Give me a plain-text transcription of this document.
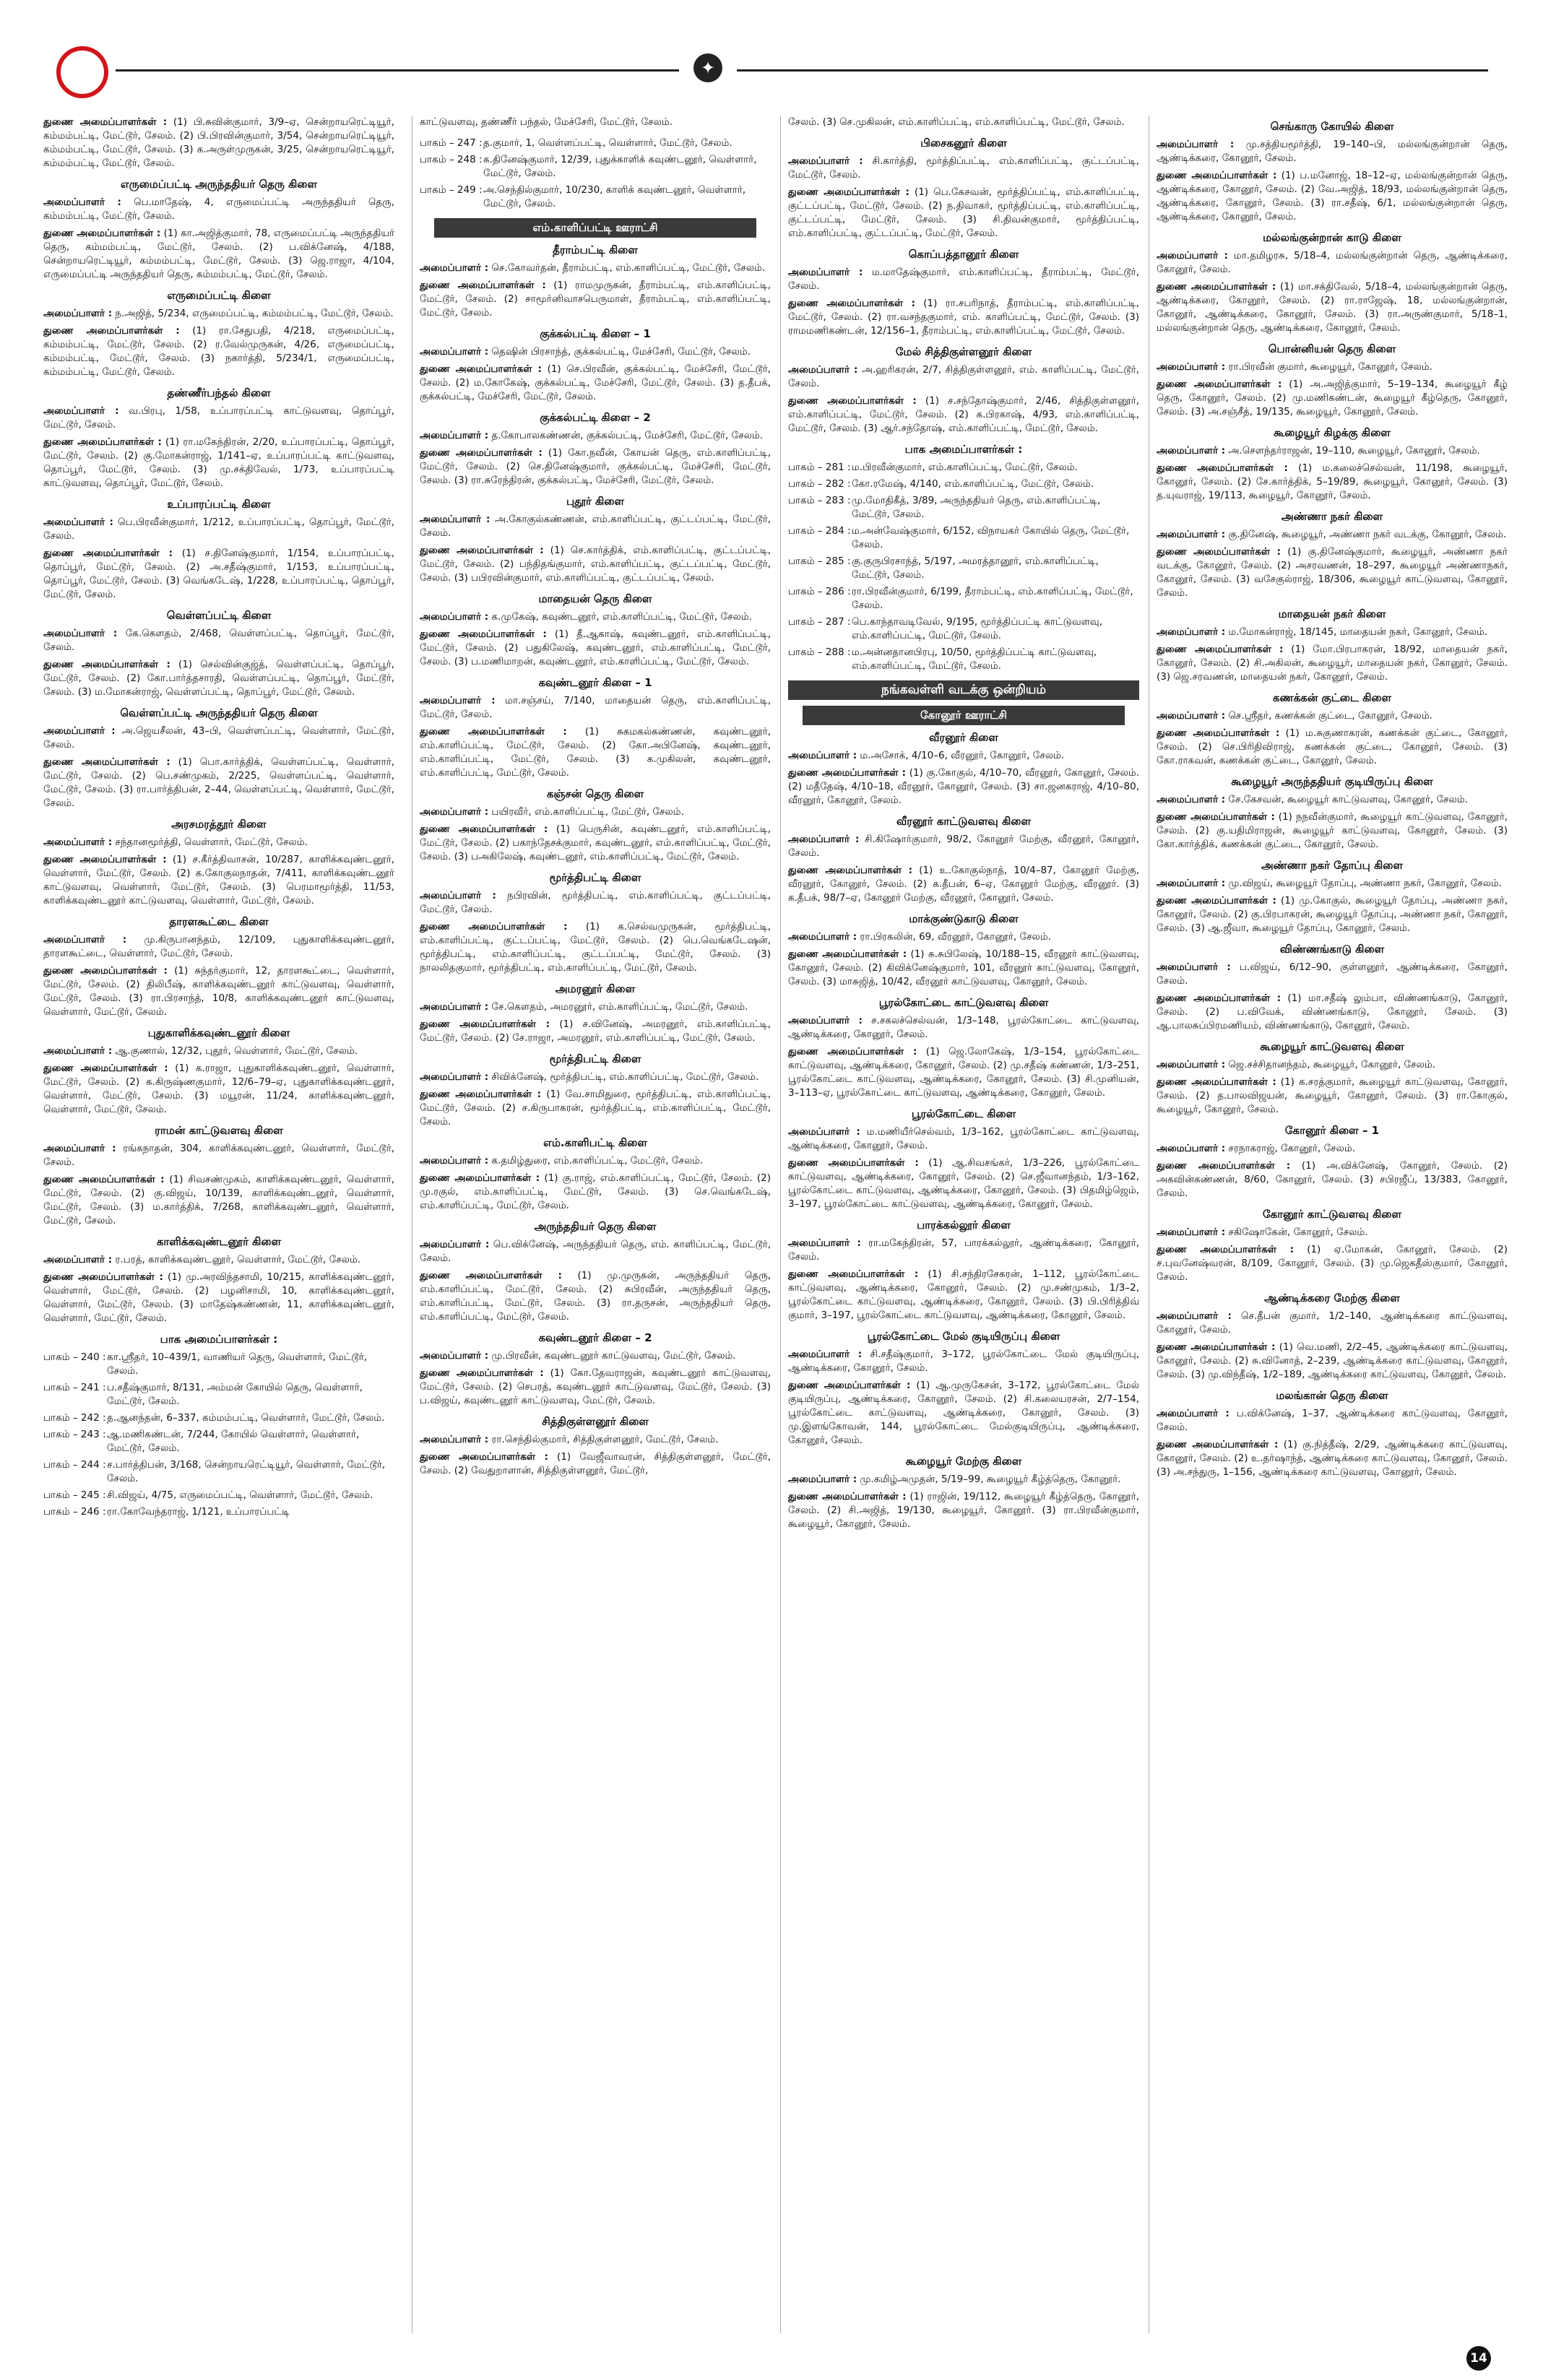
✦
துணை அமைப்பாளர்கள் : (1) பி.சுவின்குமார், 3/9–ஏ, சென்றாயரெட்டியூர், கம்மம்பட்டி, மேட்டூர், சேலம். (2) பி.பிரவின்குமார், 3/54, சென்றாயரெட்டியூர், கம்மம்பட்டி, மேட்டூர், சேலம். (3) க.அருள்முருகன், 3/25, சென்றாயரெட்டியூர், கம்மம்பட்டி, மேட்டூர், சேலம்.
எருமைப்பட்டி அருந்ததியர் தெரு கிளை
அமைப்பாளர் : பெ.மாதேஷ், 4, எருமைப்பட்டி அருந்ததியர் தெரு, கம்மம்பட்டி, மேட்டூர், சேலம்.
துணை அமைப்பாளர்கள் : (1) கா.அஜித்குமார், 78, எருமைப்பட்டி அருந்ததியர் தெரு, கம்மம்பட்டி, மேட்டூர், சேலம். (2) ப.விக்னேஷ், 4/188, சென்றாயரெட்டியூர், கம்மம்பட்டி, மேட்டூர், சேலம். (3) ஜெ.ராஜா, 4/104, எருமைப்பட்டி அருந்ததியர் தெரு, கம்மம்பட்டி, மேட்டூர், சேலம்.
எருமைப்பட்டி கிளை
அமைப்பாளர் : ந.அஜித், 5/234, எருமைப்பட்டி, கம்மம்பட்டி, மேட்டூர், சேலம்.
துணை அமைப்பாளர்கள் : (1) ரா.சேதுபதி, 4/218, எருமைப்பட்டி, கம்மம்பட்டி, மேட்டூர், சேலம். (2) ர.வேல்முருகன், 4/26, எருமைப்பட்டி, கம்மம்பட்டி, மேட்டூர், சேலம். (3) நகார்த்தி, 5/234/1, எருமைப்பட்டி, கம்மம்பட்டி, மேட்டூர், சேலம்.
தண்ணீர்பந்தல் கிளை
அமைப்பாளர் : வ.பிரபு, 1/58, உப்பாரப்பட்டி காட்டுவளவு, தொப்பூர், மேட்டூர், சேலம்.
துணை அமைப்பாளர்கள் : (1) ரா.மகேந்திரன், 2/20, உப்பாரப்பட்டி, தொப்பூர், மேட்டூர், சேலம். (2) கு.மோகன்ராஜ், 1/141–ஏ, உப்பாரப்பட்டி காட்டுவளவு, தொப்பூர், மேட்டூர், சேலம். (3) மு.சக்திவேல், 1/73, உப்பாரப்பட்டி காட்டுவளவு, தொப்பூர், மேட்டூர், சேலம்.
உப்பாரப்பட்டி கிளை
அமைப்பாளர் : பெ.பிரவீன்குமார், 1/212, உப்பாரப்பட்டி, தொப்பூர், மேட்டூர், சேலம்.
துணை அமைப்பாளர்கள் : (1) ச.தினேஷ்குமார், 1/154, உப்பாரப்பட்டி, தொப்பூர், மேட்டூர், சேலம். (2) அ.சதீஷ்குமார், 1/153, உப்பாரப்பட்டி, தொப்பூர், மேட்டூர், சேலம். (3) வெங்கடேஷ், 1/228, உப்பாரப்பட்டி, தொப்பூர், மேட்டூர், சேலம்.
வெள்ளப்பட்டி கிளை
அமைப்பாளர் : கே.கௌதம், 2/468, வெள்ளப்பட்டி, தொப்பூர், மேட்டூர், சேலம்.
துணை அமைப்பாளர்கள் : (1) செல்வின்குஜ்த், வெள்ளப்பட்டி, தொப்பூர், மேட்டூர், சேலம். (2) கோ.பார்த்தசாரதி, வெள்ளப்பட்டி, தொப்பூர், மேட்டூர், சேலம். (3) ம.மோகன்ராஜ், வெள்ளப்பட்டி, தொப்பூர், மேட்டூர், சேலம்.
வெள்ளப்பட்டி அருந்ததியர் தெரு கிளை
அமைப்பாளர் : அ.ஜெயசீலன், 43–பி, வெள்ளப்பட்டி, வெள்ளார், மேட்டூர், சேலம்.
துணை அமைப்பாளர்கள் : (1) பொ.கார்த்திக், வெள்ளப்பட்டி, வெள்ளார், மேட்டூர், சேலம். (2) பெ.சண்முகம், 2/225, வெள்ளப்பட்டி, வெள்ளார், மேட்டூர், சேலம். (3) ரா.பார்த்திபன், 2–44, வெள்ளப்பட்டி, வெள்ளார், மேட்டூர், சேலம்.
அரசமரத்தூர் கிளை
அமைப்பாளர் : சந்தானமூர்த்தி, வெள்ளார், மேட்டூர், சேலம்.
துணை அமைப்பாளர்கள் : (1) ச.கீர்த்திவாசன், 10/287, காளிக்கவுண்டனூர், வெள்ளார், மேட்டூர், சேலம். (2) க.கோகுலநாதன், 7/411, காளிக்கவுண்டனூர் காட்டுவளவு, வெள்ளார், மேட்டூர், சேலம். (3) பெரமாமூர்த்தி, 11/53, காளிக்கவுண்டனூர் காட்டுவளவு, வெள்ளார், மேட்டூர், சேலம்.
தாரளகூட்டை கிளை
அமைப்பாளர் : மு.கிருபானந்தம், 12/109, புதுகாளிக்கவுண்டனூர், தாரளகூட்டை, வெள்ளார், மேட்டூர், சேலம்.
துணை அமைப்பாளர்கள் : (1) சுந்தர்குமார், 12, தாரளகூட்டை, வெள்ளார், மேட்டூர், சேலம். (2) திலிபீஷ், காளிக்கவுண்டனூர் காட்டுவளவு, வெள்ளார், மேட்டூர், சேலம். (3) ரா.பிரசாந்த், 10/8, காளிக்கவுண்டனூர் காட்டுவளவு, வெள்ளார், மேட்டூர், சேலம்.
புதுகாளிக்கவுண்டனூர் கிளை
அமைப்பாளர் : ஆ.குணால், 12/32, புதூர், வெள்ளார், மேட்டூர், சேலம்.
துணை அமைப்பாளர்கள் : (1) க.ராஜா, புதுகாளிக்கவுண்டனூர், வெள்ளார், மேட்டூர், சேலம். (2) க.கிருஷ்ணகுமார், 12/6–79–ஏ, புதுகாளிக்கவுண்டனூர், வெள்ளார், மேட்டூர், சேலம். (3) மயூரன், 11/24, காளிக்கவுண்டனூர், வெள்ளார், மேட்டூர், சேலம்.
ராமன் காட்டுவளவு கிளை
அமைப்பாளர் : ரங்கநாதன், 304, காளிக்கவுண்டனூர், வெள்ளார், மேட்டூர், சேலம்.
துணை அமைப்பாளர்கள் : (1) சிவசண்முகம், காளிக்கவுண்டனூர், வெள்ளார், மேட்டூர், சேலம். (2) கு.விஜய், 10/139, காளிக்கவுண்டனூர், வெள்ளார், மேட்டூர், சேலம். (3) ம.கார்த்திக், 7/268, காளிக்கவுண்டனூர், வெள்ளார், மேட்டூர், சேலம்.
காளிக்கவுண்டனூர் கிளை
அமைப்பாளர் : ர.பரத், காளிக்கவுண்டனூர், வெள்ளார், மேட்டூர், சேலம்.
துணை அமைப்பாளர்கள் : (1) மு.அரவிந்தசாமி, 10/215, காளிக்கவுண்டனூர், வெள்ளார், மேட்டூர், சேலம். (2) பழனிசாமி, 10, காளிக்கவுண்டனூர், வெள்ளார், மேட்டூர், சேலம். (3) மாதேஷ்கண்ணன், 11, காளிக்கவுண்டனூர், வெள்ளார், மேட்டூர், சேலம்.
பாக அமைப்பாளர்கள் :
பாகம் – 240 : கா.ஸ்ரீதர், 10–439/1, வாணியர் தெரு, வெள்ளார், மேட்டூர், சேலம்.
பாகம் – 241 : ப.சதீஷ்குமார், 8/131, அம்மன் கோயில் தெரு, வெள்ளார், மேட்டூர், சேலம்.
பாகம் – 242 : த.ஆனந்தன், 6–337, கம்மம்பட்டி, வெள்ளார், மேட்டூர், சேலம்.
பாகம் – 243 : ஆ.மணிகண்டன், 7/244, கோயில் வெள்ளார், வெள்ளார், மேட்டூர், சேலம்.
பாகம் – 244 : ச.பார்த்திபன், 3/168, சென்றாயரெட்டியூர், வெள்ளார், மேட்டூர், சேலம்.
பாகம் – 245 : சி.விஜய், 4/75, எருமைப்பட்டி, வெள்ளார், மேட்டூர், சேலம்.
பாகம் – 246 : ரா.கோவேந்தராஜ், 1/121, உப்பாரப்பட்டி
காட்டுவளவு, தண்ணீர் பந்தல், மேச்சேரி, மேட்டூர், சேலம்.
பாகம் – 247 : த.குமார், 1, வெள்ளப்பட்டி, வெள்ளார், மேட்டூர், சேலம்.
பாகம் – 248 : க.தினேஷ்குமார், 12/39, புதுக்காளிக் கவுண்டனூர், வெள்ளார், மேட்டூர், சேலம்.
பாகம் – 249 : அ.செந்தில்குமார், 10/230, காளிக் கவுண்டனூர், வெள்ளார், மேட்டூர், சேலம்.
எம்.காளிப்பட்டி ஊராட்சி
தீராம்பட்டி கிளை
அமைப்பாளர் : செ.கோவர்தன், தீராம்பட்டி, எம்.காளிப்பட்டி, மேட்டூர், சேலம்.
துணை அமைப்பாளர்கள் : (1) ராமமுருகன், தீராம்பட்டி, எம்.காளிப்பட்டி, மேட்டூர், சேலம். (2) சாமூர்னிவாசபெருமாள், தீராம்பட்டி, எம்.காளிப்பட்டி, மேட்டூர், சேலம்.
குக்கல்பட்டி கிளை – 1
அமைப்பாளர் : தெஷின் பிரசாந்த், குக்கல்பட்டி, மேச்சேரி, மேட்டூர், சேலம்.
துணை அமைப்பாளர்கள் : (1) செ.பிரவீன், குக்கல்பட்டி, மேச்சேரி, மேட்டூர், சேலம். (2) ம.கோகேஷ், குக்கல்பட்டி, மேச்சேரி, மேட்டூர், சேலம். (3) த.தீபக், குக்கல்பட்டி, மேச்சேரி, மேட்டூர், சேலம்.
குக்கல்பட்டி கிளை – 2
அமைப்பாளர் : த.கோபாலகண்ணன், குக்கல்பட்டி, மேச்சேரி, மேட்டூர், சேலம்.
துணை அமைப்பாளர்கள் : (1) கோ.நவீன், கோயன் தெரு, எம்.காளிப்பட்டி, மேட்டூர், சேலம். (2) செ.தினேஷ்குமார், குக்கல்பட்டி, மேச்சேரி, மேட்டூர், சேலம். (3) ரா.சுரேந்திரன், குக்கல்பட்டி, மேச்சேரி, மேட்டூர், சேலம்.
புதூர் கிளை
அமைப்பாளர் : அ.கோகுல்கண்ணன், எம்.காளிப்பட்டி, குட்டப்பட்டி, மேட்டூர், சேலம்.
துணை அமைப்பாளர்கள் : (1) செ.கார்த்திக், எம்.காளிப்பட்டி, குட்டப்பட்டி, மேட்டூர், சேலம். (2) பந்திதங்குமார், எம்.காளிப்பட்டி, குட்டப்பட்டி, மேட்டூர், சேலம். (3) பபிரவின்குமார், எம்.காளிப்பட்டி, குட்டப்பட்டி, சேலம்.
மாதையன் தெரு கிளை
அமைப்பாளர் : க.முகேஷ், கவுண்டனூர், எம்.காளிப்பட்டி, மேட்டூர், சேலம்.
துணை அமைப்பாளர்கள் : (1) தீ.ஆகாஷ், கவுண்டனூர், எம்.காளிப்பட்டி, மேட்டூர், சேலம். (2) பதுகிலேஷ், கவுண்டனூர், எம்.காளிப்பட்டி, மேட்டூர், சேலம். (3) ப.மணிமாறன், கவுண்டனூர், எம்.காளிப்பட்டி, மேட்டூர், சேலம்.
கவுண்டனூர் கிளை – 1
அமைப்பாளர் : மா.சஞ்சய், 7/140, மாதையன் தெரு, எம்.காளிப்பட்டி, மேட்டூர், சேலம்.
துணை அமைப்பாளர்கள் : (1) சுகமகல்கண்ணன், கவுண்டனூர், எம்.காளிப்பட்டி, மேட்டூர், சேலம். (2) கோ.அபினேஷ், கவுண்டனூர், எம்.காளிப்பட்டி, மேட்டூர், சேலம். (3) க.முகிலன், கவுண்டனூர், எம்.காளிப்பட்டி, மேட்டூர், சேலம்.
கஞ்சன் தெரு கிளை
அமைப்பாளர் : பயிரவீர், எம்.காளிப்பட்டி, மேட்டூர், சேலம்.
துணை அமைப்பாளர்கள் : (1) பெருசின், கவுண்டனூர், எம்.காளிப்பட்டி, மேட்டூர், சேலம். (2) பகாந்தேசக்குமார், கவுண்டனூர், எம்.காளிப்பட்டி, மேட்டூர், சேலம். (3) பஅகிலேஷ், கவுண்டனூர், எம்.காளிப்பட்டி, மேட்டூர், சேலம்.
மூர்த்திபட்டி கிளை
அமைப்பாளர் : நபிரவின், மூர்த்திபட்டி, எம்.காளிப்பட்டி, குட்டப்பட்டி, மேட்டூர், சேலம்.
துணை அமைப்பாளர்கள் : (1) க.செல்வமுருகன், மூர்த்திபட்டி, எம்.காளிப்பட்டி, குட்டப்பட்டி, மேட்டூர், சேலம். (2) பெ.வெங்கடேஷன், மூர்த்திபட்டி, எம்.காளிப்பட்டி, குட்டப்பட்டி, மேட்டூர், சேலம். (3) நாலலிதகுமார், மூர்த்திபட்டி, எம்.காளிப்பட்டி, மேட்டூர், சேலம்.
அமரனூர் கிளை
அமைப்பாளர் : சே.கௌதம், அமரனூர், எம்.காளிப்பட்டி, மேட்டூர், சேலம்.
துணை அமைப்பாளர்கள் : (1) ச.வினேஷ், அமரனூர், எம்.காளிப்பட்டி, மேட்டூர், சேலம். (2) சே.ராஜா, அமரனூர், எம்.காளிப்பட்டி, மேட்டூர், சேலம்.
மூர்த்திபட்டி கிளை
அமைப்பாளர் : சிவிக்னேஷ், மூர்த்திபட்டி, எம்.காளிப்பட்டி, மேட்டூர், சேலம்.
துணை அமைப்பாளர்கள் : (1) வே.சாமிதுரை, மூர்த்திபட்டி, எம்.காளிப்பட்டி, மேட்டூர், சேலம். (2) ச.கிருபாகரன், மூர்த்திபட்டி, எம்.காளிப்பட்டி, மேட்டூர், சேலம்.
எம்.காளிபட்டி கிளை
அமைப்பாளர் : க.தமிழ்துரை, எம்.காளிப்பட்டி, மேட்டூர், சேலம்.
துணை அமைப்பாளர்கள் : (1) கு.ராஜ், எம்.காளிப்பட்டி, மேட்டூர், சேலம். (2) மு.ரகுல், எம்.காளிப்பட்டி, மேட்டூர், சேலம். (3) செ.வெங்கடேஷ், எம்.காளிப்பட்டி, மேட்டூர், சேலம்.
அருந்ததியர் தெரு கிளை
அமைப்பாளர் : பெ.விக்னேஷ், அருந்ததியர் தெரு, எம். காளிப்பட்டி, மேட்டூர், சேலம்.
துணை அமைப்பாளர்கள் : (1) மு.முருகன், அருந்ததியர் தெரு, எம்.காளிப்பட்டி, மேட்டூர், சேலம். (2) சுபிரவீன், அருந்ததியர் தெரு, எம்.காளிப்பட்டி, மேட்டூர், சேலம். (3) ரா.தருசன், அருந்ததியர் தெரு, எம்.காளிப்பட்டி, மேட்டூர், சேலம்.
கவுண்டனூர் கிளை – 2
அமைப்பாளர் : மு.பிரவீன், கவுண்டனூர் காட்டுவளவு, மேட்டூர், சேலம்.
துணை அமைப்பாளர்கள் : (1) கோ.தேவராஜன், கவுண்டனூர் காட்டுவளவு, மேட்டூர், சேலம். (2) செபரத், கவுண்டனூர் காட்டுவளவு, மேட்டூர், சேலம். (3) ப.விஜய், கவுண்டனூர் காட்டுவளவு, மேட்டூர், சேலம்.
சித்திகுள்ளனூர் கிளை
அமைப்பாளர் : ரா.செந்தில்குமார், சித்திகுள்ளனூர், மேட்டூர், சேலம்.
துணை அமைப்பாளர்கள் : (1) வேஜீவாவரன், சித்திகுள்ளனூர், மேட்டூர், சேலம். (2) வேதுறாளான், சித்திகுள்ளனூர், மேட்டூர்,
சேலம். (3) செ.முகிலன், எம்.காளிப்பட்டி, எம்.காளிப்பட்டி, மேட்டூர், சேலம்.
பிசைகனூர் கிளை
அமைப்பாளர் : சி.கார்த்தி, மூர்த்திப்பட்டி, எம்.காளிப்பட்டி, குட்டப்பட்டி, மேட்டூர், சேலம்.
துணை அமைப்பாளர்கள் : (1) பெ.கேசவன், மூர்த்திப்பட்டி, எம்.காளிப்பட்டி, குட்டப்பட்டி, மேட்டூர், சேலம். (2) ந.திவாகர், மூர்த்திப்பட்டி, எம்.காளிப்பட்டி, குட்டப்பட்டி, மேட்டூர், சேலம். (3) சி.திவன்குமார், மூர்த்திப்பட்டி, எம்.காளிப்பட்டி, குட்டப்பட்டி, மேட்டூர், சேலம்.
கொப்பத்தானூர் கிளை
அமைப்பாளர் : ம.மாதேஷ்குமார், எம்.காளிப்பட்டி, தீராம்பட்டி, மேட்டூர், சேலம்.
துணை அமைப்பாளர்கள் : (1) ரா.சபரிநாத், தீராம்பட்டி, எம்.காளிப்பட்டி, மேட்டூர், சேலம். (2) ரா.வசந்தகுமார், எம். காளிப்பட்டி, மேட்டூர், சேலம். (3) ராமமணிகண்டன், 12/156–1, தீராம்பட்டி, எம்.காளிப்பட்டி, மேட்டூர், சேலம்.
மேல் சித்திகுள்ளனூர் கிளை
அமைப்பாளர் : அ.ஹரிகரன், 2/7, சித்திகுள்ளனூர், எம். காளிப்பட்டி, மேட்டூர், சேலம்.
துணை அமைப்பாளர்கள் : (1) ச.சந்தோஷ்குமார், 2/46, சித்திகுள்ளனூர், எம்.காளிப்பட்டி, மேட்டூர், சேலம். (2) க.பிரகாஷ், 4/93, எம்.காளிப்பட்டி, மேட்டூர், சேலம். (3) ஆர்.சந்தோஷ், எம்.காளிப்பட்டி, மேட்டூர், சேலம்.
பாக அமைப்பாளர்கள் :
பாகம் – 281 : ம.பிரவீன்குமார், எம்.காளிப்பட்டி, மேட்டூர், சேலம்.
பாகம் – 282 : கோ.ரமேஷ், 4/140, எம்.காளிப்பட்டி, மேட்டூர், சேலம்.
பாகம் – 283 : மு.மோதிகீத், 3/89, அருந்ததியர் தெரு, எம்.காளிப்பட்டி, மேட்டூர், சேலம்.
பாகம் – 284 : ம.அன்வேஷ்குமார், 6/152, விநாயகர் கோயில் தெரு, மேட்டூர், சேலம்.
பாகம் – 285 : கு.குருபிரசாந்த், 5/197, அமரத்தானூர், எம்.காளிப்பட்டி, மேட்டூர், சேலம்.
பாகம் – 286 : ரா.பிரவீன்குமார், 6/199, தீராம்பட்டி, எம்.காளிப்பட்டி, மேட்டூர், சேலம்.
பாகம் – 287 : பெ.காந்தாவடிவேல், 9/195, மூர்த்திப்பட்டி காட்டுவளவு, எம்.காளிப்பட்டி, மேட்டூர், சேலம்.
பாகம் – 288 : ம.அன்னதானபிரபு, 10/50, மூர்த்திப்பட்டி காட்டுவளவு, எம்.காளிப்பட்டி, மேட்டூர், சேலம்.
நங்கவள்ளி வடக்கு ஒன்றியம்
கோனூர் ஊராட்சி
வீரனூர் கிளை
அமைப்பாளர் : ம.அசோக், 4/10–6, வீரனூர், கோனூர், சேலம்.
துணை அமைப்பாளர்கள் : (1) கு.கோகுல், 4/10–70, வீரனூர், கோனூர், சேலம். (2) மதீதேஷ், 4/10–18, வீரனூர், கோனூர், சேலம். (3) சா.ஜனகராஜ், 4/10–80, வீரனூர், கோனூர், சேலம்.
வீரனூர் காட்டுவளவு கிளை
அமைப்பாளர் : சி.கிஷோர்குமார், 98/2, கோனூர் மேற்கு, வீரனூர், கோனூர், சேலம்.
துணை அமைப்பாளர்கள் : (1) உ.கோகுல்நாத், 10/4–87, கோனூர் மேற்கு, வீரனூர், கோனூர், சேலம். (2) க.தீபன், 6–ஏ, கோனூர் மேற்கு, வீரனூர். (3) க.தீபக், 98/7–ஏ, கோனூர் மேற்கு, வீரனூர், கோனூர், சேலம்.
மாக்குண்டுகாடு கிளை
அமைப்பாளர் : ரா.பிரகலின், 69, வீரனூர், கோனூர், சேலம்.
துணை அமைப்பாளர்கள் : (1) சு.சுபிலேஷ், 10/188–15, வீரனூர் காட்டுவளவு, கோனூர், சேலம். (2) கிவிக்னேஷ்குமார், 101, வீரனூர் காட்டுவளவு, கோனூர், சேலம். (3) மாசுஜித், 10/42, வீரனூர் காட்டுவளவு, கோனூர், சேலம்.
பூரல்கோட்டை காட்டுவளவு கிளை
அமைப்பாளர் : ச.சகலச்செல்வன், 1/3–148, பூரல்கோட்டை காட்டுவளவு, ஆண்டிக்கரை, கோனூர், சேலம்.
துணை அமைப்பாளர்கள் : (1) ஜெ.லோகேஷ், 1/3–154, பூரல்கோட்டை காட்டுவளவு, ஆண்டிக்கரை, கோனூர், சேலம். (2) மு.சதீஷ் கண்ணன், 1/3–251, பூரல்கோட்டை காட்டுவளவு, ஆண்டிக்கரை, கோனூர், சேலம். (3) சி.முனியன், 3–113–ஏ, பூரல்கோட்டை காட்டுவளவு, ஆண்டிக்கரை, கோனூர், சேலம்.
பூரல்கோட்டை கிளை
அமைப்பாளர் : ம.மணியீர்செல்வம், 1/3–162, பூரல்கோட்டை காட்டுவளவு, ஆண்டிக்கரை, கோனூர், சேலம்.
துணை அமைப்பாளர்கள் : (1) ஆ.சிவசங்கர், 1/3–226, பூரல்கோட்டை காட்டுவளவு, ஆண்டிக்கரை, கோனூர், சேலம். (2) செ.ஜீவானந்தம், 1/3–162, பூரல்கோட்டை காட்டுவளவு, ஆண்டிக்கரை, கோனூர், சேலம். (3) பிதமிழ்ஜெம், 3–197, பூரல்கோட்டை காட்டுவளவு, ஆண்டிக்கரை, கோனூர், சேலம்.
பாரக்கல்லூர் கிளை
அமைப்பாளர் : ரா.மகேந்திரன், 57, பாரக்கல்லூர், ஆண்டிக்கரை, கோனூர், சேலம்.
துணை அமைப்பாளர்கள் : (1) சி.சந்திரசேகரன், 1–112, பூரல்கோட்டை காட்டுவளவு, ஆண்டிக்கரை, கோனூர், சேலம். (2) மு.சண்முகம், 1/3–2, பூரல்கோட்டை காட்டுவளவு, ஆண்டிக்கரை, கோனூர், சேலம். (3) பி.பிரித்திவ் குமார், 3–197, பூரல்கோட்டை காட்டுவளவு, ஆண்டிக்கரை, கோனூர், சேலம்.
பூரல்கோட்டை மேல் குடியிருப்பு கிளை
அமைப்பாளர் : சி.சதீஷ்குமார், 3–172, பூரல்கோட்டை மேல் குடியிருப்பு, ஆண்டிக்கரை, கோனூர், சேலம்.
துணை அமைப்பாளர்கள் : (1) ஆ.முருகேசன், 3–172, பூரல்கோட்டை மேல் குடியிருப்பு, ஆண்டிக்கரை, கோனூர், சேலம். (2) சி.கலையரசன், 2/7–154, பூரல்கோட்டை காட்டுவளவு, ஆண்டிக்கரை, கோனூர், சேலம். (3) மு.இளங்கோவன், 144, பூரல்கோட்டை மேல்குடியிருப்பு, ஆண்டிக்கரை, கோனூர், சேலம்.
கூழையூர் மேற்கு கிளை
அமைப்பாளர் : மு.கமிழ்அமுதன், 5/19–99, கூழையூர் கீழ்த்தெரு, கோனூர்.
துணை அமைப்பாளர்கள் : (1) ராஜின், 19/112, கூழையூர் கீழ்த்தெரு, கோனூர், சேலம். (2) சி.அஜித், 19/130, கூழையூர், கோனூர். (3) ரா.பிரவீன்குமார், கூழையூர், கோனூர், சேலம்.
செங்காரு கோயில் கிளை
அமைப்பாளர் : மு.சத்தியமூர்த்தி, 19–140–பி, மல்லங்குன்றான் தெரு, ஆண்டிக்கரை, கோனூர், சேலம்.
துணை அமைப்பாளர்கள் : (1) ப.மனோஜ், 18–12–ஏ, மல்லங்குன்றான் தெரு, ஆண்டிக்கரை, கோனூர், சேலம். (2) வே.அஜித், 18/93, மல்லங்குன்றான் தெரு, ஆண்டிக்கரை, கோனூர், சேலம். (3) ரா.சதீஷ், 6/1, மல்லங்குன்றான் தெரு, ஆண்டிக்கரை, கோனூர், சேலம்.
மல்லங்குன்றான் காடு கிளை
அமைப்பாளர் : மா.தமிழரசு, 5/18–4, மல்லங்குன்றான் தெரு, ஆண்டிக்கரை, கோனூர், சேலம்.
துணை அமைப்பாளர்கள் : (1) மா.சக்திவேல், 5/18–4, மல்லங்குன்றான் தெரு, ஆண்டிக்கரை, கோனூர், சேலம். (2) ரா.ராஜேஷ், 18, மல்லங்குன்றான், கோனூர், ஆண்டிக்கரை, கோனூர், சேலம். (3) ரா.அருண்குமார், 5/18–1, மல்லங்குன்றான் தெரு, ஆண்டிக்கரை, கோனூர், சேலம்.
பொன்னியன் தெரு கிளை
அமைப்பாளர் : ரா.பிரவீன் குமார், கூழையூர், கோனூர், சேலம்.
துணை அமைப்பாளர்கள் : (1) அ.அஜித்குமார், 5–19–134, கூழையூர் கீழ் தெரு, கோனூர், சேலம். (2) மு.மணிகண்டன், கூழையூர் கீழ்தெரு, கோனூர், சேலம். (3) அ.சஞ்சீத், 19/135, கூழையூர், கோனூர், சேலம்.
கூழையூர் கிழக்கு கிளை
அமைப்பாளர் : அ.சௌந்தர்ராஜன், 19–110, கூழையூர், கோனூர், சேலம்.
துணை அமைப்பாளர்கள் : (1) ம.கலைச்செல்வன், 11/198, கூழையூர், கோனூர், சேலம். (2) சே.கார்த்திக், 5–19/89, கூழையூர், கோனூர், சேலம். (3) த.யுவராஜ், 19/113, கூழையூர், கோனூர், சேலம்.
அண்ணா நகர் கிளை
அமைப்பாளர் : கு.தினேஷ், கூழையூர், அண்ணா நகர் வடக்கு, கோனூர், சேலம்.
துணை அமைப்பாளர்கள் : (1) கு.தினேஷ்குமார், கூழையூர், அண்ணா நகர் வடக்கு, கோனூர், சேலம். (2) அசரவணன், 18–297, கூழையூர் அண்ணாநகர், கோனூர், சேலம். (3) வசேகுல்ராஜ், 18/306, கூழையூர் காட்டுவளவு, கோனூர், சேலம்.
மாதையன் நகர் கிளை
அமைப்பாளர் : ம.மோகன்ராஜ், 18/145, மாதையன் நகர், கோனூர், சேலம்.
துணை அமைப்பாளர்கள் : (1) மோ.பிரபாகரன், 18/92, மாதையன் நகர், கோனூர், சேலம். (2) சி.அகிலன், கூழையூர், மாதையன் நகர், கோனூர், சேலம். (3) ஜெ.சரவணன், மாதையன் நகர், கோனூர், சேலம்.
கணக்கன் குட்டை கிளை
அமைப்பாளர் : செ.ஸ்ரீதர், கணக்கன் குட்டை, கோனூர், சேலம்.
துணை அமைப்பாளர்கள் : (1) ம.சுகுணாகரன், கணக்கன் குட்டை, கோனூர், சேலம். (2) செ.பிரிதிவிராஜ், கணக்கன் குட்டை, கோனூர், சேலம். (3) கோ.ராகவன், கணக்கன் குட்டை, கோனூர், சேலம்.
கூழையூர் அருந்ததியர் குடியிருப்பு கிளை
அமைப்பாளர் : சே.கேசவன், கூழையூர் காட்டுவளவு, கோனூர், சேலம்.
துணை அமைப்பாளர்கள் : (1) நநவீன்குமார், கூழையூர் காட்டுவளவு, கோனூர், சேலம். (2) கு.யதிமிராஜன், கூழையூர் காட்டுவளவு, கோனூர், சேலம். (3) கோ.கார்த்திக், கணக்கன் குட்டை, கோனூர், சேலம்.
அண்ணா நகர் தோப்பு கிளை
அமைப்பாளர் : மு.விஜய், கூழையூர் தோப்பு, அண்ணா நகர், கோனூர், சேலம்.
துணை அமைப்பாளர்கள் : (1) மு.கோகுல், கூழையூர் தோப்பு, அண்ணா நகர், கோனூர், சேலம். (2) கு.பிரபாகரன், கூழையூர் தோப்பு, அண்ணா நகர், கோனூர், சேலம். (3) ஆ.ஜீவா, கூழையூர் தோப்பு, கோனூர், சேலம்.
விண்ணங்காடு கிளை
அமைப்பாளர் : ப.விஜய், 6/12–90, குள்ளனூர், ஆண்டிக்கரை, கோனூர், சேலம்.
துணை அமைப்பாளர்கள் : (1) மா.சதீஷ் லும்பா, விண்ணங்காடு, கோனூர், சேலம். (2) ப.விவேக், விண்ணங்காடு, கோனூர், சேலம். (3) ஆ.பாலசுப்பிரமணியம், விண்ணங்காடு, கோனூர், சேலம்.
கூழையூர் காட்டுவளவு கிளை
அமைப்பாளர் : ஜெ.சச்சிதானந்தம், கூழையூர், கோனூர், சேலம்.
துணை அமைப்பாளர்கள் : (1) க.சரத்குமார், கூழையூர் காட்டுவளவு, கோனூர், சேலம். (2) த.பாலவிஜயன், கூழையூர், கோனூர், சேலம். (3) ரா.கோகுல், கூழையூர், கோனூர், சேலம்.
கோனூர் கிளை – 1
அமைப்பாளர் : சரநாகராஜ், கோனூர், சேலம்.
துணை அமைப்பாளர்கள் : (1) அ.விக்னேஷ், கோனூர், சேலம். (2) அகவின்கண்ணன், 8/60, கோனூர், சேலம். (3) சபிரஜீப், 13/383, கோனூர், சேலம்.
கோனூர் காட்டுவளவு கிளை
அமைப்பாளர் : சகிஷோகேன், கோனூர், சேலம்.
துணை அமைப்பாளர்கள் : (1) ஏ.மோகன், கோனூர், சேலம். (2) ச.புவனேஷ்வரன், 8/109, கோனூர், சேலம். (3) மு.ஜெகதீஸ்குமார், கோனூர், சேலம்.
ஆண்டிக்கரை மேற்கு கிளை
அமைப்பாளர் : செ.தீபன் குமார், 1/2–140, ஆண்டிக்கரை காட்டுவளவு, கோனூர், சேலம்.
துணை அமைப்பாளர்கள் : (1) வெ.மணி, 2/2–45, ஆண்டிக்கரை காட்டுவளவு, கோனூர், சேலம். (2) சு.வினோத், 2–239, ஆண்டிக்கரை காட்டுவளவு, கோனூர், சேலம். (3) மு.விந்தீஷ், 1/2–189, ஆண்டிக்கரை காட்டுவளவு, கோனூர், சேலம்.
மலங்கான் தெரு கிளை
அமைப்பாளர் : ப.விக்னேஷ், 1–37, ஆண்டிக்கரை காட்டுவளவு, கோனூர், சேலம்.
துணை அமைப்பாளர்கள் : (1) கு.நித்தீஷ், 2/29, ஆண்டிக்கரை காட்டுவளவு, கோனூர், சேலம். (2) உ.தர்ஷாந்த், ஆண்டிக்கரை காட்டுவளவு, கோனூர், சேலம். (3) அ.சந்துரு, 1–156, ஆண்டிக்கரை காட்டுவளவு, கோனூர், சேலம்.
14
